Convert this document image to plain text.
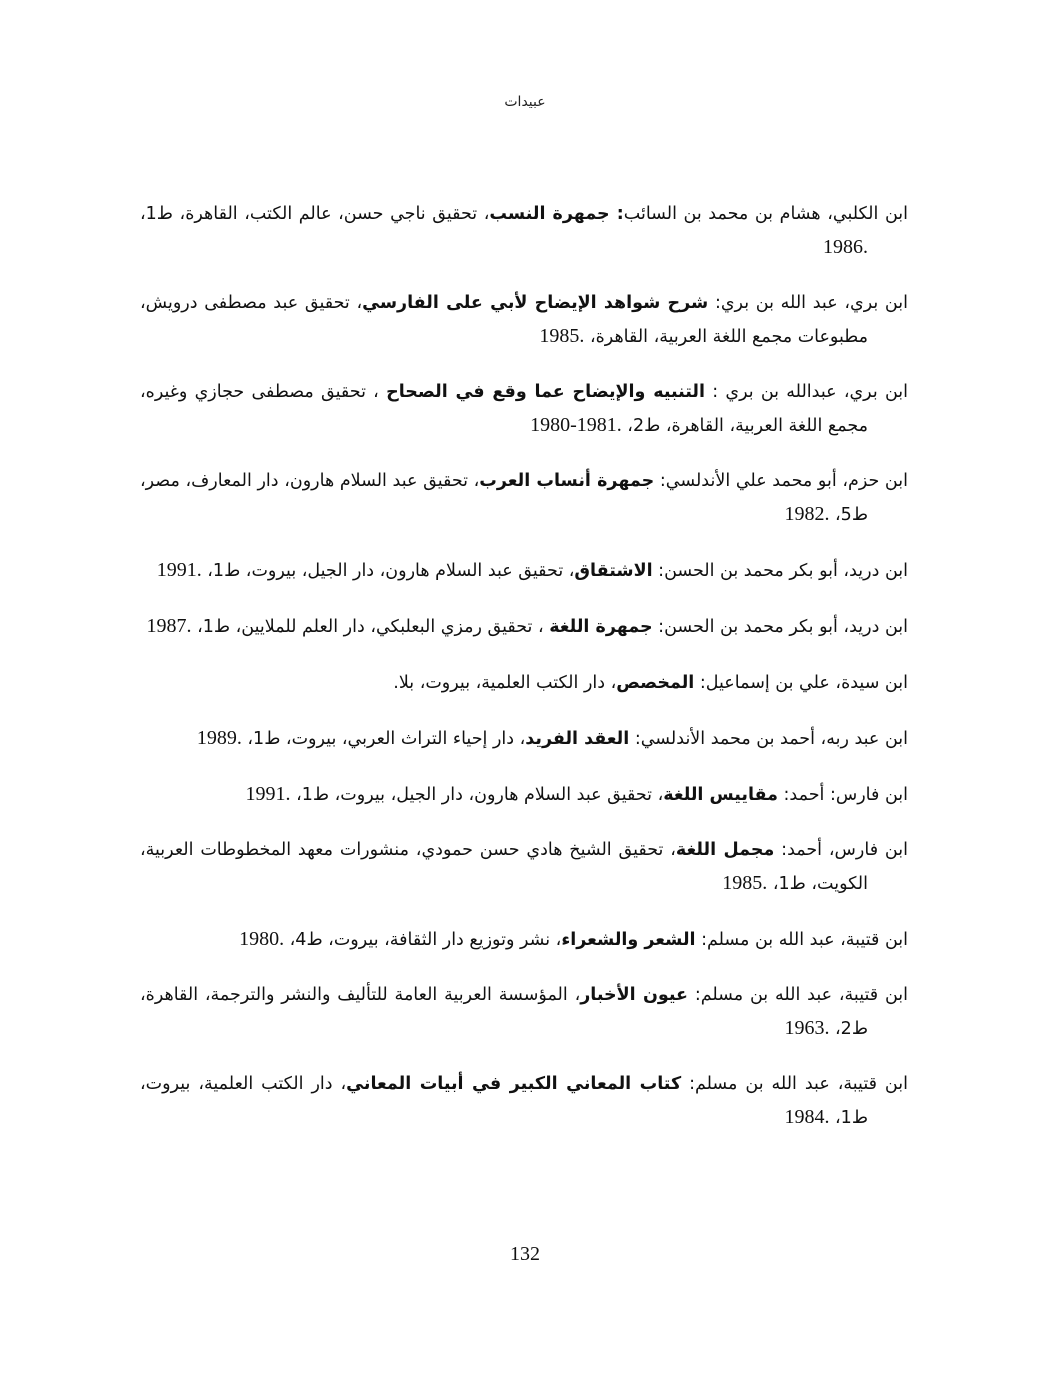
عبيدات

ابن الكلبي، هشام بن محمد بن السائب: جمهرة النسب، تحقيق ناجي حسن، عالم الكتب، القاهرة، ط1، 1986.

ابن بري، عبد الله بن بري: شرح شواهد الإيضاح لأبي على الفارسي، تحقيق عبد مصطفى درويش، مطبوعات مجمع اللغة العربية، القاهرة، 1985.

ابن بري، عبدالله بن بري : التنبيه والإيضاح عما وقع في الصحاح ، تحقيق مصطفى حجازي وغيره، مجمع اللغة العربية، القاهرة، ط2، 1980-1981.

ابن حزم، أبو محمد علي الأندلسي: جمهرة أنساب العرب، تحقيق عبد السلام هارون، دار المعارف، مصر، ط5، 1982.

ابن دريد، أبو بكر محمد بن الحسن: الاشتقاق، تحقيق عبد السلام هارون، دار الجيل، بيروت، ط1، 1991.

ابن دريد، أبو بكر محمد بن الحسن: جمهرة اللغة ، تحقيق رمزي البعلبكي، دار العلم للملايين، ط1، 1987.

ابن سيدة، علي بن إسماعيل: المخصص، دار الكتب العلمية، بيروت، بلا.

ابن عبد ربه، أحمد بن محمد الأندلسي: العقد الفريد، دار إحياء التراث العربي، بيروت، ط1، 1989.

ابن فارس: أحمد: مقاييس اللغة، تحقيق عبد السلام هارون، دار الجيل، بيروت، ط1، 1991.

ابن فارس، أحمد: مجمل اللغة، تحقيق الشيخ هادي حسن حمودي، منشورات معهد المخطوطات العربية، الكويت، ط1، 1985.

ابن قتيبة، عبد الله بن مسلم: الشعر والشعراء، نشر وتوزيع دار الثقافة، بيروت، ط4، 1980.

ابن قتيبة، عبد الله بن مسلم: عيون الأخبار، المؤسسة العربية العامة للتأليف والنشر والترجمة، القاهرة، ط2، 1963.

ابن قتيبة، عبد الله بن مسلم: كتاب المعاني الكبير في أبيات المعاني، دار الكتب العلمية، بيروت، ط1، 1984.

132
